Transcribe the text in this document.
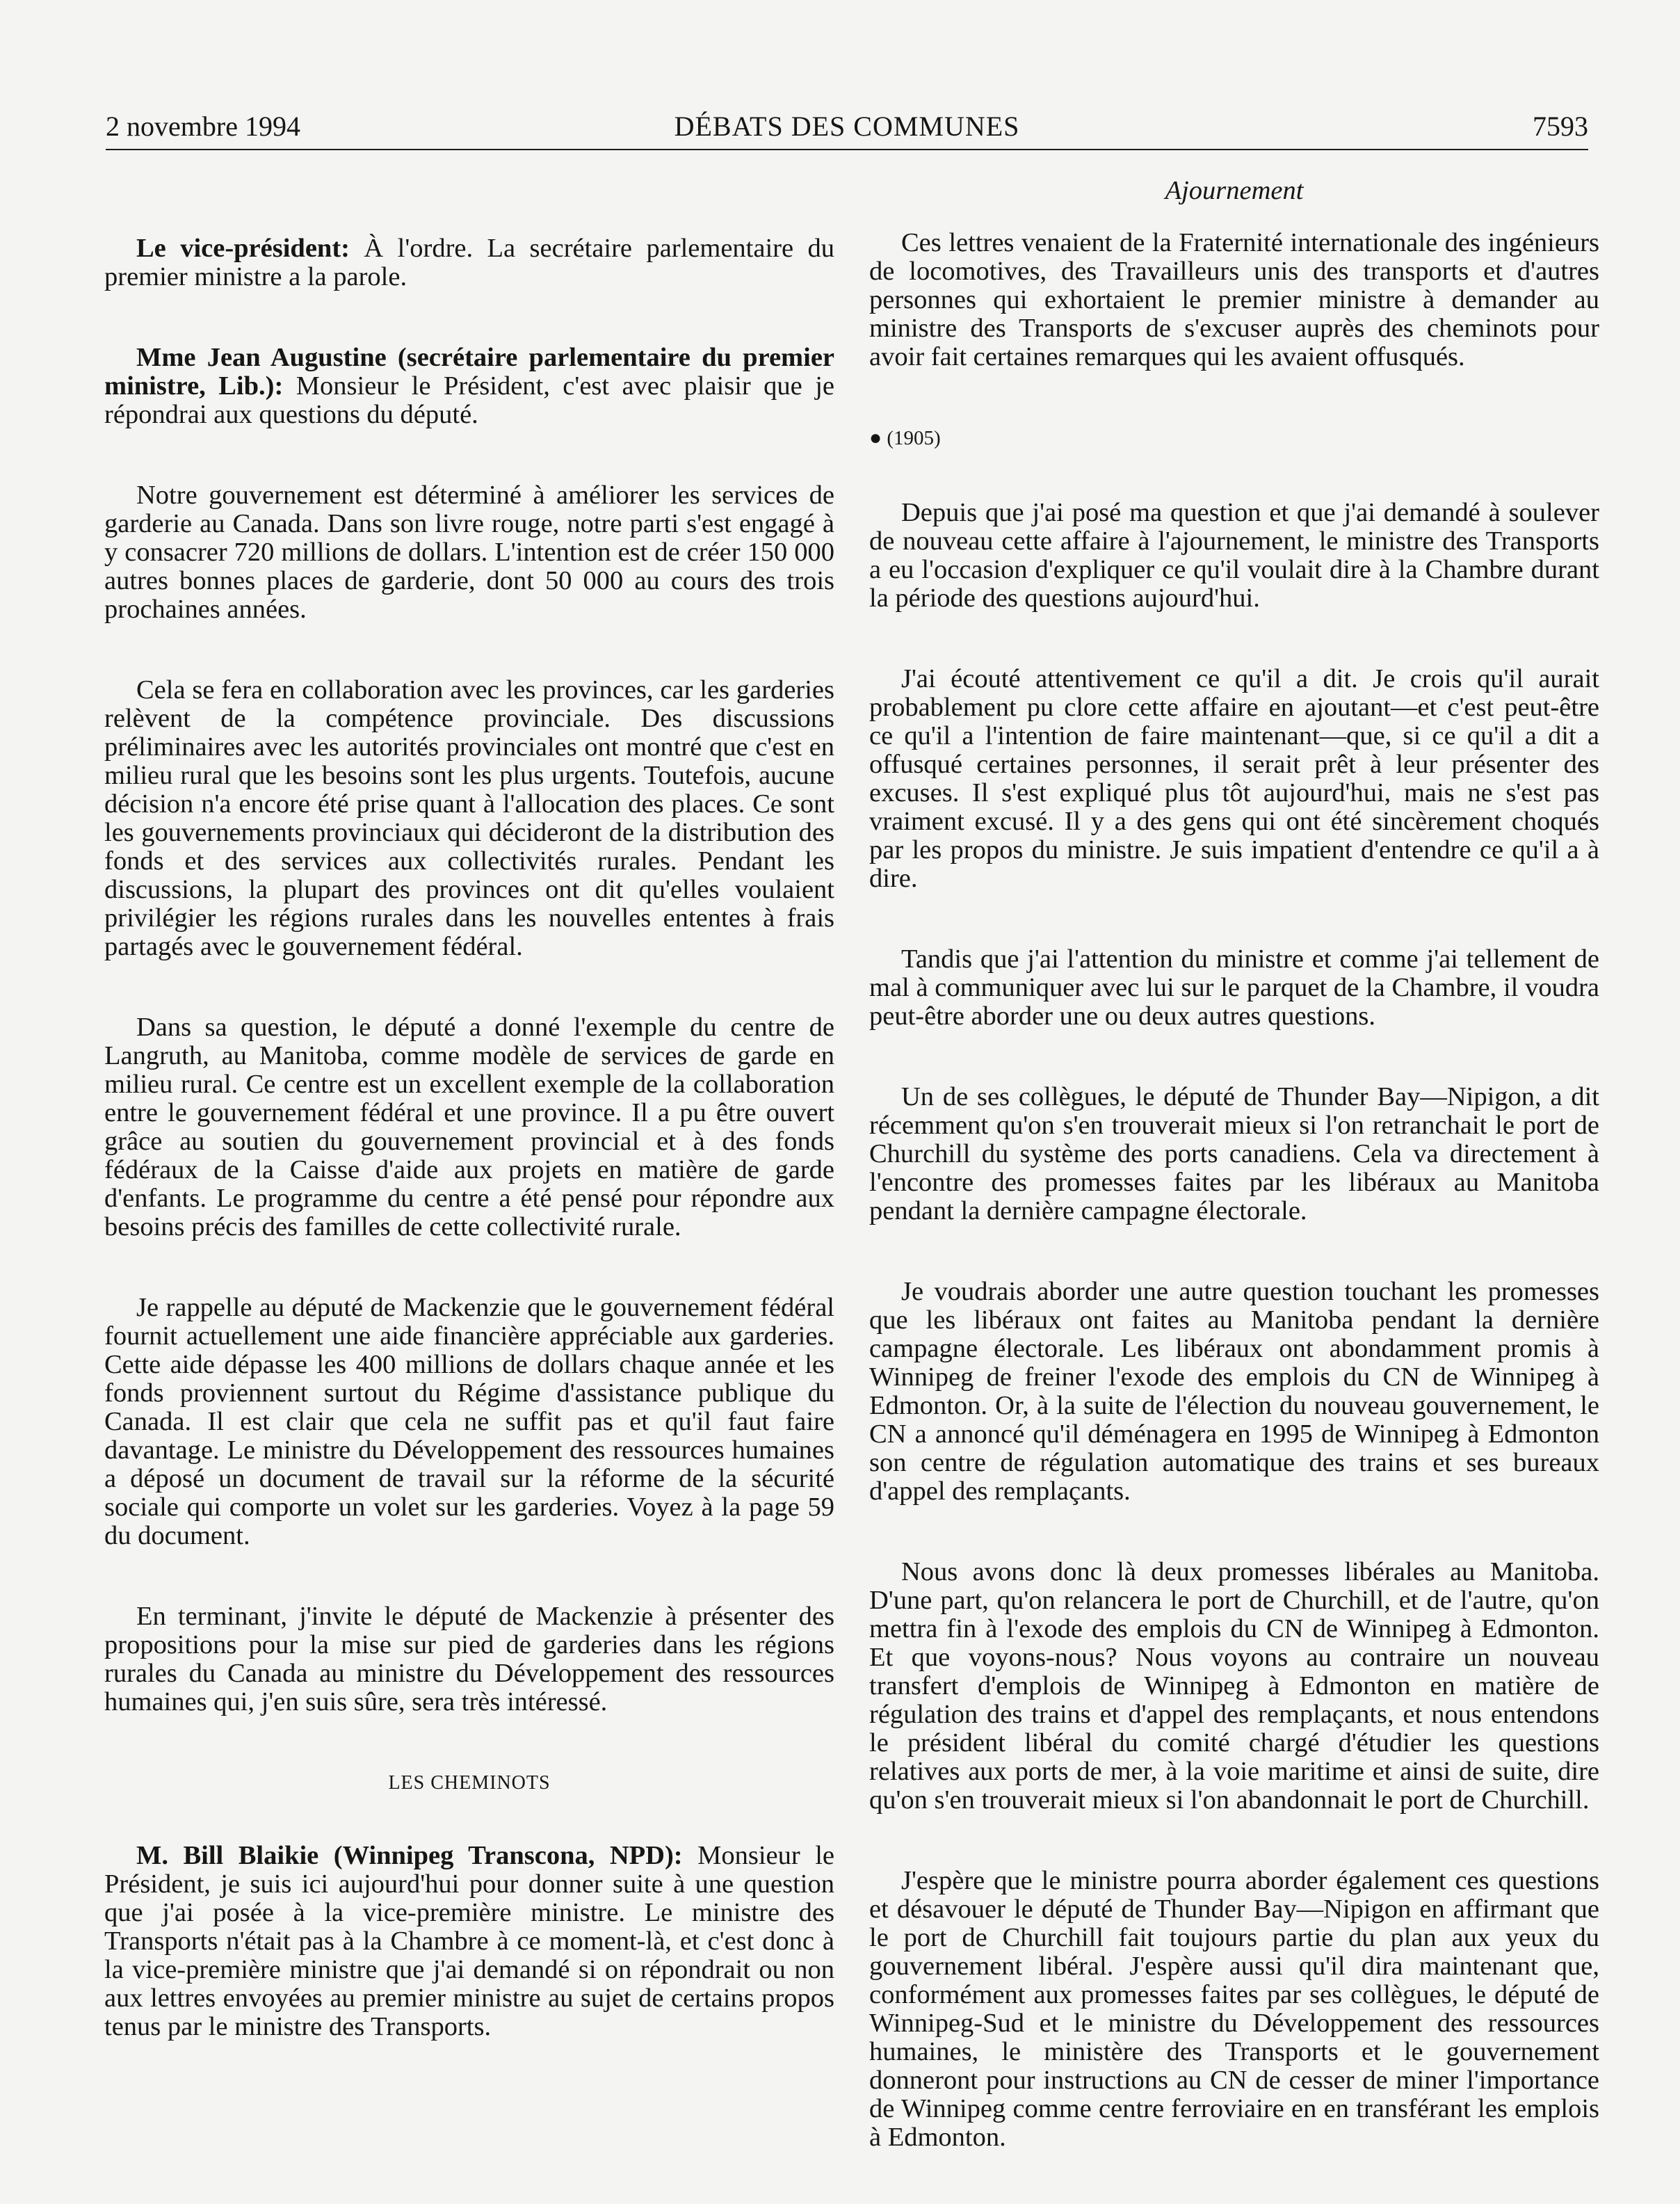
DÉBATS DES COMMUNES
2 novembre 1994	7593

Le vice-président: À l'ordre. La secrétaire parlementaire du premier ministre a la parole.

Mme Jean Augustine (secrétaire parlementaire du premier ministre, Lib.): Monsieur le Président, c'est avec plaisir que je répondrai aux questions du député.

Notre gouvernement est déterminé à améliorer les services de garderie au Canada. Dans son livre rouge, notre parti s'est engagé à y consacrer 720 millions de dollars. L'intention est de créer 150 000 autres bonnes places de garderie, dont 50 000 au cours des trois prochaines années.

Cela se fera en collaboration avec les provinces, car les garderies relèvent de la compétence provinciale. Des discussions préliminaires avec les autorités provinciales ont montré que c'est en milieu rural que les besoins sont les plus urgents. Toutefois, aucune décision n'a encore été prise quant à l'allocation des places. Ce sont les gouvernements provinciaux qui décideront de la distribution des fonds et des services aux collectivités rurales. Pendant les discussions, la plupart des provinces ont dit qu'elles voulaient privilégier les régions rurales dans les nouvelles ententes à frais partagés avec le gouvernement fédéral.

Dans sa question, le député a donné l'exemple du centre de Langruth, au Manitoba, comme modèle de services de garde en milieu rural. Ce centre est un excellent exemple de la collaboration entre le gouvernement fédéral et une province. Il a pu être ouvert grâce au soutien du gouvernement provincial et à des fonds fédéraux de la Caisse d'aide aux projets en matière de garde d'enfants. Le programme du centre a été pensé pour répondre aux besoins précis des familles de cette collectivité rurale.

Je rappelle au député de Mackenzie que le gouvernement fédéral fournit actuellement une aide financière appréciable aux garderies. Cette aide dépasse les 400 millions de dollars chaque année et les fonds proviennent surtout du Régime d'assistance publique du Canada. Il est clair que cela ne suffit pas et qu'il faut faire davantage. Le ministre du Développement des ressources humaines a déposé un document de travail sur la réforme de la sécurité sociale qui comporte un volet sur les garderies. Voyez à la page 59 du document.

En terminant, j'invite le député de Mackenzie à présenter des propositions pour la mise sur pied de garderies dans les régions rurales du Canada au ministre du Développement des ressources humaines qui, j'en suis sûre, sera très intéressé.

LES CHEMINOTS

M. Bill Blaikie (Winnipeg Transcona, NPD): Monsieur le Président, je suis ici aujourd'hui pour donner suite à une question que j'ai posée à la vice-première ministre. Le ministre des Transports n'était pas à la Chambre à ce moment-là, et c'est donc à la vice-première ministre que j'ai demandé si on répondrait ou non aux lettres envoyées au premier ministre au sujet de certains propos tenus par le ministre des Transports.

Ajournement

Ces lettres venaient de la Fraternité internationale des ingénieurs de locomotives, des Travailleurs unis des transports et d'autres personnes qui exhortaient le premier ministre à demander au ministre des Transports de s'excuser auprès des cheminots pour avoir fait certaines remarques qui les avaient offusqués.

● (1905)

Depuis que j'ai posé ma question et que j'ai demandé à soulever de nouveau cette affaire à l'ajournement, le ministre des Transports a eu l'occasion d'expliquer ce qu'il voulait dire à la Chambre durant la période des questions aujourd'hui.

J'ai écouté attentivement ce qu'il a dit. Je crois qu'il aurait probablement pu clore cette affaire en ajoutant—et c'est peut-être ce qu'il a l'intention de faire maintenant—que, si ce qu'il a dit a offusqué certaines personnes, il serait prêt à leur présenter des excuses. Il s'est expliqué plus tôt aujourd'hui, mais ne s'est pas vraiment excusé. Il y a des gens qui ont été sincèrement choqués par les propos du ministre. Je suis impatient d'entendre ce qu'il a à dire.

Tandis que j'ai l'attention du ministre et comme j'ai tellement de mal à communiquer avec lui sur le parquet de la Chambre, il voudra peut-être aborder une ou deux autres questions.

Un de ses collègues, le député de Thunder Bay—Nipigon, a dit récemment qu'on s'en trouverait mieux si l'on retranchait le port de Churchill du système des ports canadiens. Cela va directement à l'encontre des promesses faites par les libéraux au Manitoba pendant la dernière campagne électorale.

Je voudrais aborder une autre question touchant les promesses que les libéraux ont faites au Manitoba pendant la dernière campagne électorale. Les libéraux ont abondamment promis à Winnipeg de freiner l'exode des emplois du CN de Winnipeg à Edmonton. Or, à la suite de l'élection du nouveau gouvernement, le CN a annoncé qu'il déménagera en 1995 de Winnipeg à Edmonton son centre de régulation automatique des trains et ses bureaux d'appel des remplaçants.

Nous avons donc là deux promesses libérales au Manitoba. D'une part, qu'on relancera le port de Churchill, et de l'autre, qu'on mettra fin à l'exode des emplois du CN de Winnipeg à Edmonton. Et que voyons-nous? Nous voyons au contraire un nouveau transfert d'emplois de Winnipeg à Edmonton en matière de régulation des trains et d'appel des remplaçants, et nous entendons le président libéral du comité chargé d'étudier les questions relatives aux ports de mer, à la voie maritime et ainsi de suite, dire qu'on s'en trouverait mieux si l'on abandonnait le port de Churchill.

J'espère que le ministre pourra aborder également ces questions et désavouer le député de Thunder Bay—Nipigon en affirmant que le port de Churchill fait toujours partie du plan aux yeux du gouvernement libéral. J'espère aussi qu'il dira maintenant que, conformément aux promesses faites par ses collègues, le député de Winnipeg-Sud et le ministre du Développement des ressources humaines, le ministère des Transports et le gouvernement donneront pour instructions au CN de cesser de miner l'importance de Winnipeg comme centre ferroviaire en en transférant les emplois à Edmonton.
